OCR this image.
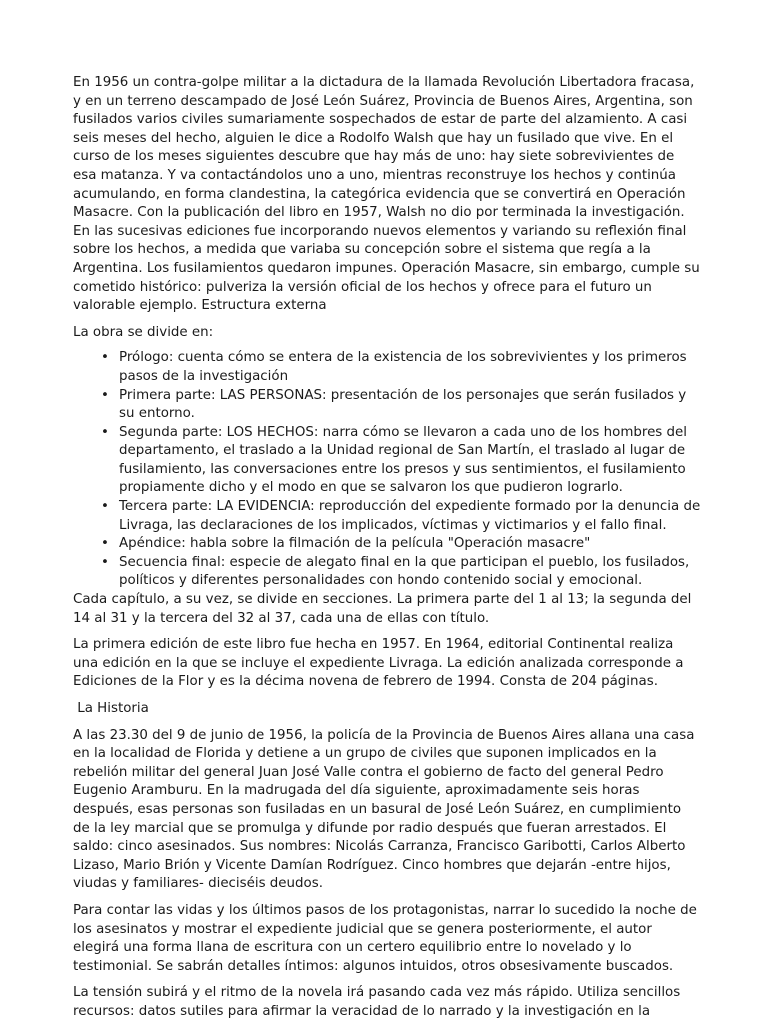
En 1956 un contra-golpe militar a la dictadura de la llamada Revolución Libertadora fracasa, y en un terreno descampado de José León Suárez, Provincia de Buenos Aires, Argentina, son fusilados varios civiles sumariamente sospechados de estar de parte del alzamiento. A casi seis meses del hecho, alguien le dice a Rodolfo Walsh que hay un fusilado que vive. En el curso de los meses siguientes descubre que hay más de uno: hay siete sobrevivientes de esa matanza. Y va contactándolos uno a uno, mientras reconstruye los hechos y continúa acumulando, en forma clandestina, la categórica evidencia que se convertirá en Operación Masacre. Con la publicación del libro en 1957, Walsh no dio por terminada la investigación. En las sucesivas ediciones fue incorporando nuevos elementos y variando su reflexión final sobre los hechos, a medida que variaba su concepción sobre el sistema que regía a la Argentina. Los fusilamientos quedaron impunes. Operación Masacre, sin embargo, cumple su cometido histórico: pulveriza la versión oficial de los hechos y ofrece para el futuro un valorable ejemplo. Estructura externa

La obra se divide en:

• Prólogo: cuenta cómo se entera de la existencia de los sobrevivientes y los primeros pasos de la investigación
• Primera parte: LAS PERSONAS: presentación de los personajes que serán fusilados y su entorno.
• Segunda parte: LOS HECHOS: narra cómo se llevaron a cada uno de los hombres del departamento, el traslado a la Unidad regional de San Martín, el traslado al lugar de fusilamiento, las conversaciones entre los presos y sus sentimientos, el fusilamiento propiamente dicho y el modo en que se salvaron los que pudieron lograrlo.
• Tercera parte: LA EVIDENCIA: reproducción del expediente formado por la denuncia de Livraga, las declaraciones de los implicados, víctimas y victimarios y el fallo final.
• Apéndice: habla sobre la filmación de la película "Operación masacre"
• Secuencia final: especie de alegato final en la que participan el pueblo, los fusilados, políticos y diferentes personalidades con hondo contenido social y emocional.

Cada capítulo, a su vez, se divide en secciones. La primera parte del 1 al 13; la segunda del 14 al 31 y la tercera del 32 al 37, cada una de ellas con título.

La primera edición de este libro fue hecha en 1957. En 1964, editorial Continental realiza una edición en la que se incluye el expediente Livraga. La edición analizada corresponde a Ediciones de la Flor y es la décima novena de febrero de 1994. Consta de 204 páginas.

La Historia

A las 23.30 del 9 de junio de 1956, la policía de la Provincia de Buenos Aires allana una casa en la localidad de Florida y detiene a un grupo de civiles que suponen implicados en la rebelión militar del general Juan José Valle contra el gobierno de facto del general Pedro Eugenio Aramburu. En la madrugada del día siguiente, aproximadamente seis horas después, esas personas son fusiladas en un basural de José León Suárez, en cumplimiento de la ley marcial que se promulga y difunde por radio después que fueran arrestados. El saldo: cinco asesinados. Sus nombres: Nicolás Carranza, Francisco Garibotti, Carlos Alberto Lizaso, Mario Brión y Vicente Damían Rodríguez. Cinco hombres que dejarán -entre hijos, viudas y familiares- dieciséis deudos.

Para contar las vidas y los últimos pasos de los protagonistas, narrar lo sucedido la noche de los asesinatos y mostrar el expediente judicial que se genera posteriormente, el autor elegirá una forma llana de escritura con un certero equilibrio entre lo novelado y lo testimonial. Se sabrán detalles íntimos: algunos intuidos, otros obsesivamente buscados.

La tensión subirá y el ritmo de la novela irá pasando cada vez más rápido. Utiliza sencillos recursos: datos sutiles para afirmar la veracidad de lo narrado y la investigación en la
